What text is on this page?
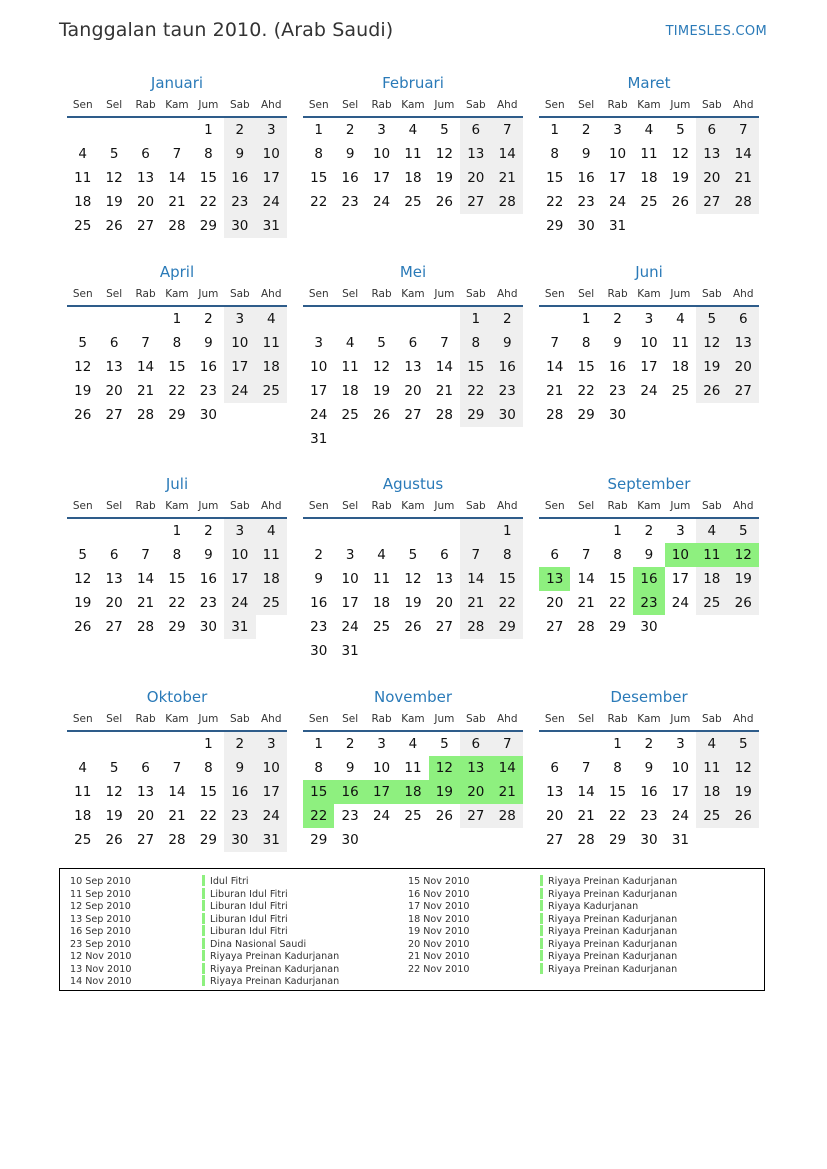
Tanggalan taun 2010. (Arab Saudi)	TIMESLES.COM
Januari
Sen	Sel	Rab	Kam	Jum	Sab	Ahd
				1	2	3
4	5	6	7	8	9	10
11	12	13	14	15	16	17
18	19	20	21	22	23	24
25	26	27	28	29	30	31
Februari
Sen	Sel	Rab	Kam	Jum	Sab	Ahd
1	2	3	4	5	6	7
8	9	10	11	12	13	14
15	16	17	18	19	20	21
22	23	24	25	26	27	28
Maret
Sen	Sel	Rab	Kam	Jum	Sab	Ahd
1	2	3	4	5	6	7
8	9	10	11	12	13	14
15	16	17	18	19	20	21
22	23	24	25	26	27	28
29	30	31				
April
Sen	Sel	Rab	Kam	Jum	Sab	Ahd
			1	2	3	4
5	6	7	8	9	10	11
12	13	14	15	16	17	18
19	20	21	22	23	24	25
26	27	28	29	30		
Mei
Sen	Sel	Rab	Kam	Jum	Sab	Ahd
					1	2
3	4	5	6	7	8	9
10	11	12	13	14	15	16
17	18	19	20	21	22	23
24	25	26	27	28	29	30
31						
Juni
Sen	Sel	Rab	Kam	Jum	Sab	Ahd
	1	2	3	4	5	6
7	8	9	10	11	12	13
14	15	16	17	18	19	20
21	22	23	24	25	26	27
28	29	30				
Juli
Sen	Sel	Rab	Kam	Jum	Sab	Ahd
			1	2	3	4
5	6	7	8	9	10	11
12	13	14	15	16	17	18
19	20	21	22	23	24	25
26	27	28	29	30	31	
Agustus
Sen	Sel	Rab	Kam	Jum	Sab	Ahd
						1
2	3	4	5	6	7	8
9	10	11	12	13	14	15
16	17	18	19	20	21	22
23	24	25	26	27	28	29
30	31					
September
Sen	Sel	Rab	Kam	Jum	Sab	Ahd
		1	2	3	4	5
6	7	8	9	10	11	12
13	14	15	16	17	18	19
20	21	22	23	24	25	26
27	28	29	30			
Oktober
Sen	Sel	Rab	Kam	Jum	Sab	Ahd
				1	2	3
4	5	6	7	8	9	10
11	12	13	14	15	16	17
18	19	20	21	22	23	24
25	26	27	28	29	30	31
November
Sen	Sel	Rab	Kam	Jum	Sab	Ahd
1	2	3	4	5	6	7
8	9	10	11	12	13	14
15	16	17	18	19	20	21
22	23	24	25	26	27	28
29	30					
Desember
Sen	Sel	Rab	Kam	Jum	Sab	Ahd
		1	2	3	4	5
6	7	8	9	10	11	12
13	14	15	16	17	18	19
20	21	22	23	24	25	26
27	28	29	30	31		
10 Sep 2010	Idul Fitri
11 Sep 2010	Liburan Idul Fitri
12 Sep 2010	Liburan Idul Fitri
13 Sep 2010	Liburan Idul Fitri
16 Sep 2010	Liburan Idul Fitri
23 Sep 2010	Dina Nasional Saudi
12 Nov 2010	Riyaya Preinan Kadurjanan
13 Nov 2010	Riyaya Preinan Kadurjanan
14 Nov 2010	Riyaya Preinan Kadurjanan
15 Nov 2010	Riyaya Preinan Kadurjanan
16 Nov 2010	Riyaya Preinan Kadurjanan
17 Nov 2010	Riyaya Kadurjanan
18 Nov 2010	Riyaya Preinan Kadurjanan
19 Nov 2010	Riyaya Preinan Kadurjanan
20 Nov 2010	Riyaya Preinan Kadurjanan
21 Nov 2010	Riyaya Preinan Kadurjanan
22 Nov 2010	Riyaya Preinan Kadurjanan
